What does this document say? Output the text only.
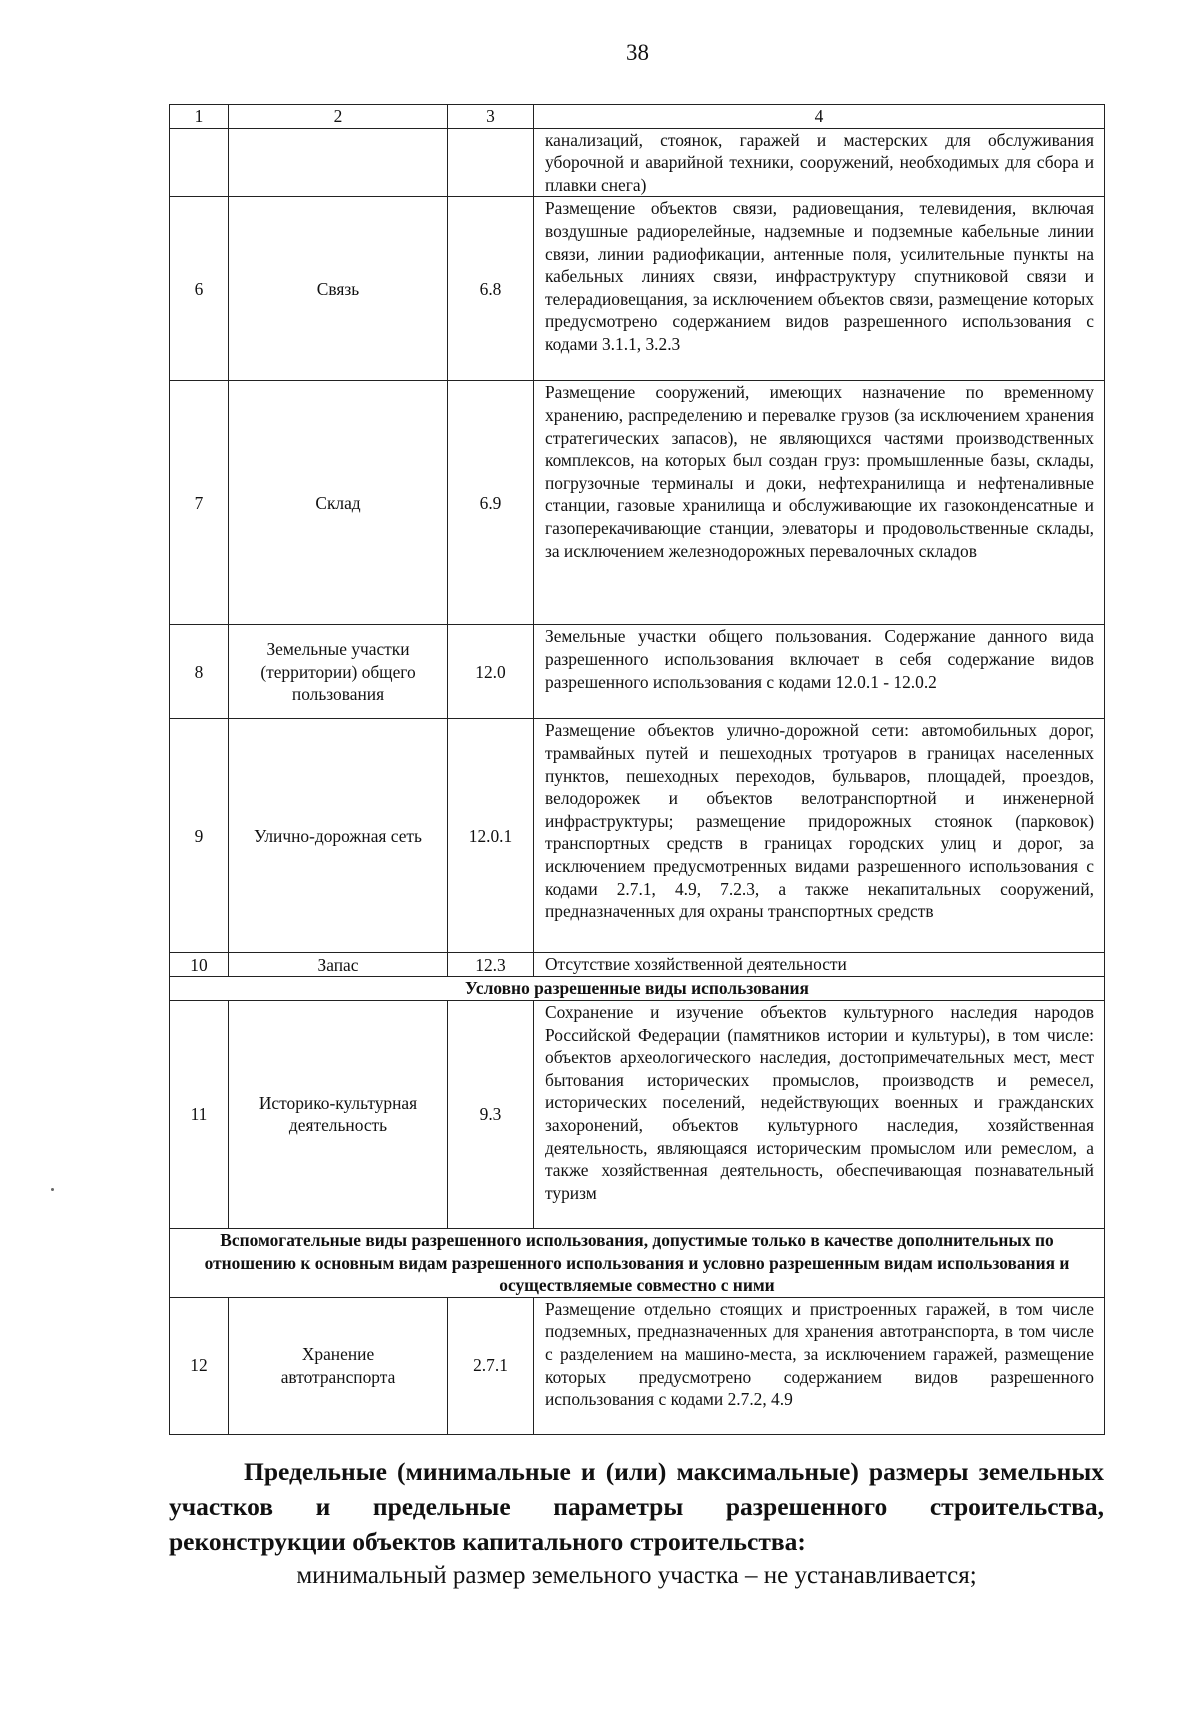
38
1	2	3	4
			канализаций, стоянок, гаражей и мастерских для обслуживания уборочной и аварийной техники, сооружений, необходимых для сбора и плавки снега)
6	Связь	6.8	Размещение объектов связи, радиовещания, телевидения, включая воздушные радиорелейные, надземные и подземные кабельные линии связи, линии радиофикации, антенные поля, усилительные пункты на кабельных линиях связи, инфраструктуру спутниковой связи и телерадиовещания, за исключением объектов связи, размещение которых предусмотрено содержанием видов разрешенного использования с кодами 3.1.1, 3.2.3
7	Склад	6.9	Размещение сооружений, имеющих назначение по временному хранению, распределению и перевалке грузов (за исключением хранения стратегических запасов), не являющихся частями производственных комплексов, на которых был создан груз: промышленные базы, склады, погрузочные терминалы и доки, нефтехранилища и нефтеналивные станции, газовые хранилища и обслуживающие их газоконденсатные и газоперекачивающие станции, элеваторы и продовольственные склады, за исключением железнодорожных перевалочных складов
8	Земельные участки (территории) общего пользования	12.0	Земельные участки общего пользования. Содержание данного вида разрешенного использования включает в себя содержание видов разрешенного использования с кодами 12.0.1 - 12.0.2
9	Улично-дорожная сеть	12.0.1	Размещение объектов улично-дорожной сети: автомобильных дорог, трамвайных путей и пешеходных тротуаров в границах населенных пунктов, пешеходных переходов, бульваров, площадей, проездов, велодорожек и объектов велотранспортной и инженерной инфраструктуры; размещение придорожных стоянок (парковок) транспортных средств в границах городских улиц и дорог, за исключением предусмотренных видами разрешенного использования с кодами 2.7.1, 4.9, 7.2.3, а также некапитальных сооружений, предназначенных для охраны транспортных средств
10	Запас	12.3	Отсутствие хозяйственной деятельности
Условно разрешенные виды использования			
11	Историко-культурная деятельность	9.3	Сохранение и изучение объектов культурного наследия народов Российской Федерации (памятников истории и культуры), в том числе: объектов археологического наследия, достопримечательных мест, мест бытования исторических промыслов, производств и ремесел, исторических поселений, недействующих военных и гражданских захоронений, объектов культурного наследия, хозяйственная деятельность, являющаяся историческим промыслом или ремеслом, а также хозяйственная деятельность, обеспечивающая познавательный туризм
Вспомогательные виды разрешенного использования, допустимые только в качестве дополнительных по отношению к основным видам разрешенного использования и условно разрешенным видам использования и осуществляемые совместно с ними			
12	Хранение автотранспорта	2.7.1	Размещение отдельно стоящих и пристроенных гаражей, в том числе подземных, предназначенных для хранения автотранспорта, в том числе с разделением на машино-места, за исключением гаражей, размещение которых предусмотрено содержанием видов разрешенного использования с кодами 2.7.2, 4.9
Предельные (минимальные и (или) максимальные) размеры земельных участков и предельные параметры разрешенного строительства, реконструкции объектов капитального строительства:
минимальный размер земельного участка – не устанавливается;
